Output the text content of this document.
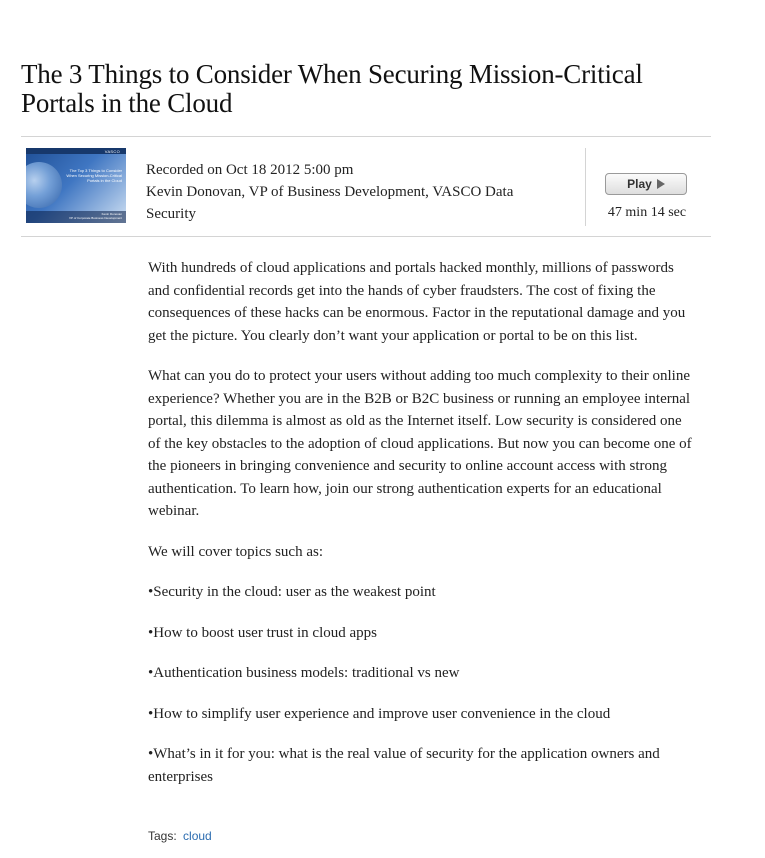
The 3 Things to Consider When Securing Mission-Critical Portals in the Cloud
VASCO
The Top 3 Things to Consider When Securing Mission-Critical Portals in the Cloud
Kevin Donovan
VP of Corporate Business Development
Recorded on Oct 18 2012 5:00 pm
Kevin Donovan, VP of Business Development, VASCO Data Security
Play
47 min 14 sec

With hundreds of cloud applications and portals hacked monthly, millions of passwords and confidential records get into the hands of cyber fraudsters. The cost of fixing the consequences of these hacks can be enormous. Factor in the reputational damage and you get the picture. You clearly don’t want your application or portal to be on this list.

What can you do to protect your users without adding too much complexity to their online experience? Whether you are in the B2B or B2C business or running an employee internal portal, this dilemma is almost as old as the Internet itself. Low security is considered one of the key obstacles to the adoption of cloud applications. But now you can become one of the pioneers in bringing convenience and security to online account access with strong authentication. To learn how, join our strong authentication experts for an educational webinar.

We will cover topics such as:

•Security in the cloud: user as the weakest point

•How to boost user trust in cloud apps

•Authentication business models: traditional vs new

•How to simplify user experience and improve user convenience in the cloud

•What’s in it for you: what is the real value of security for the application owners and enterprises

Tags: cloud
